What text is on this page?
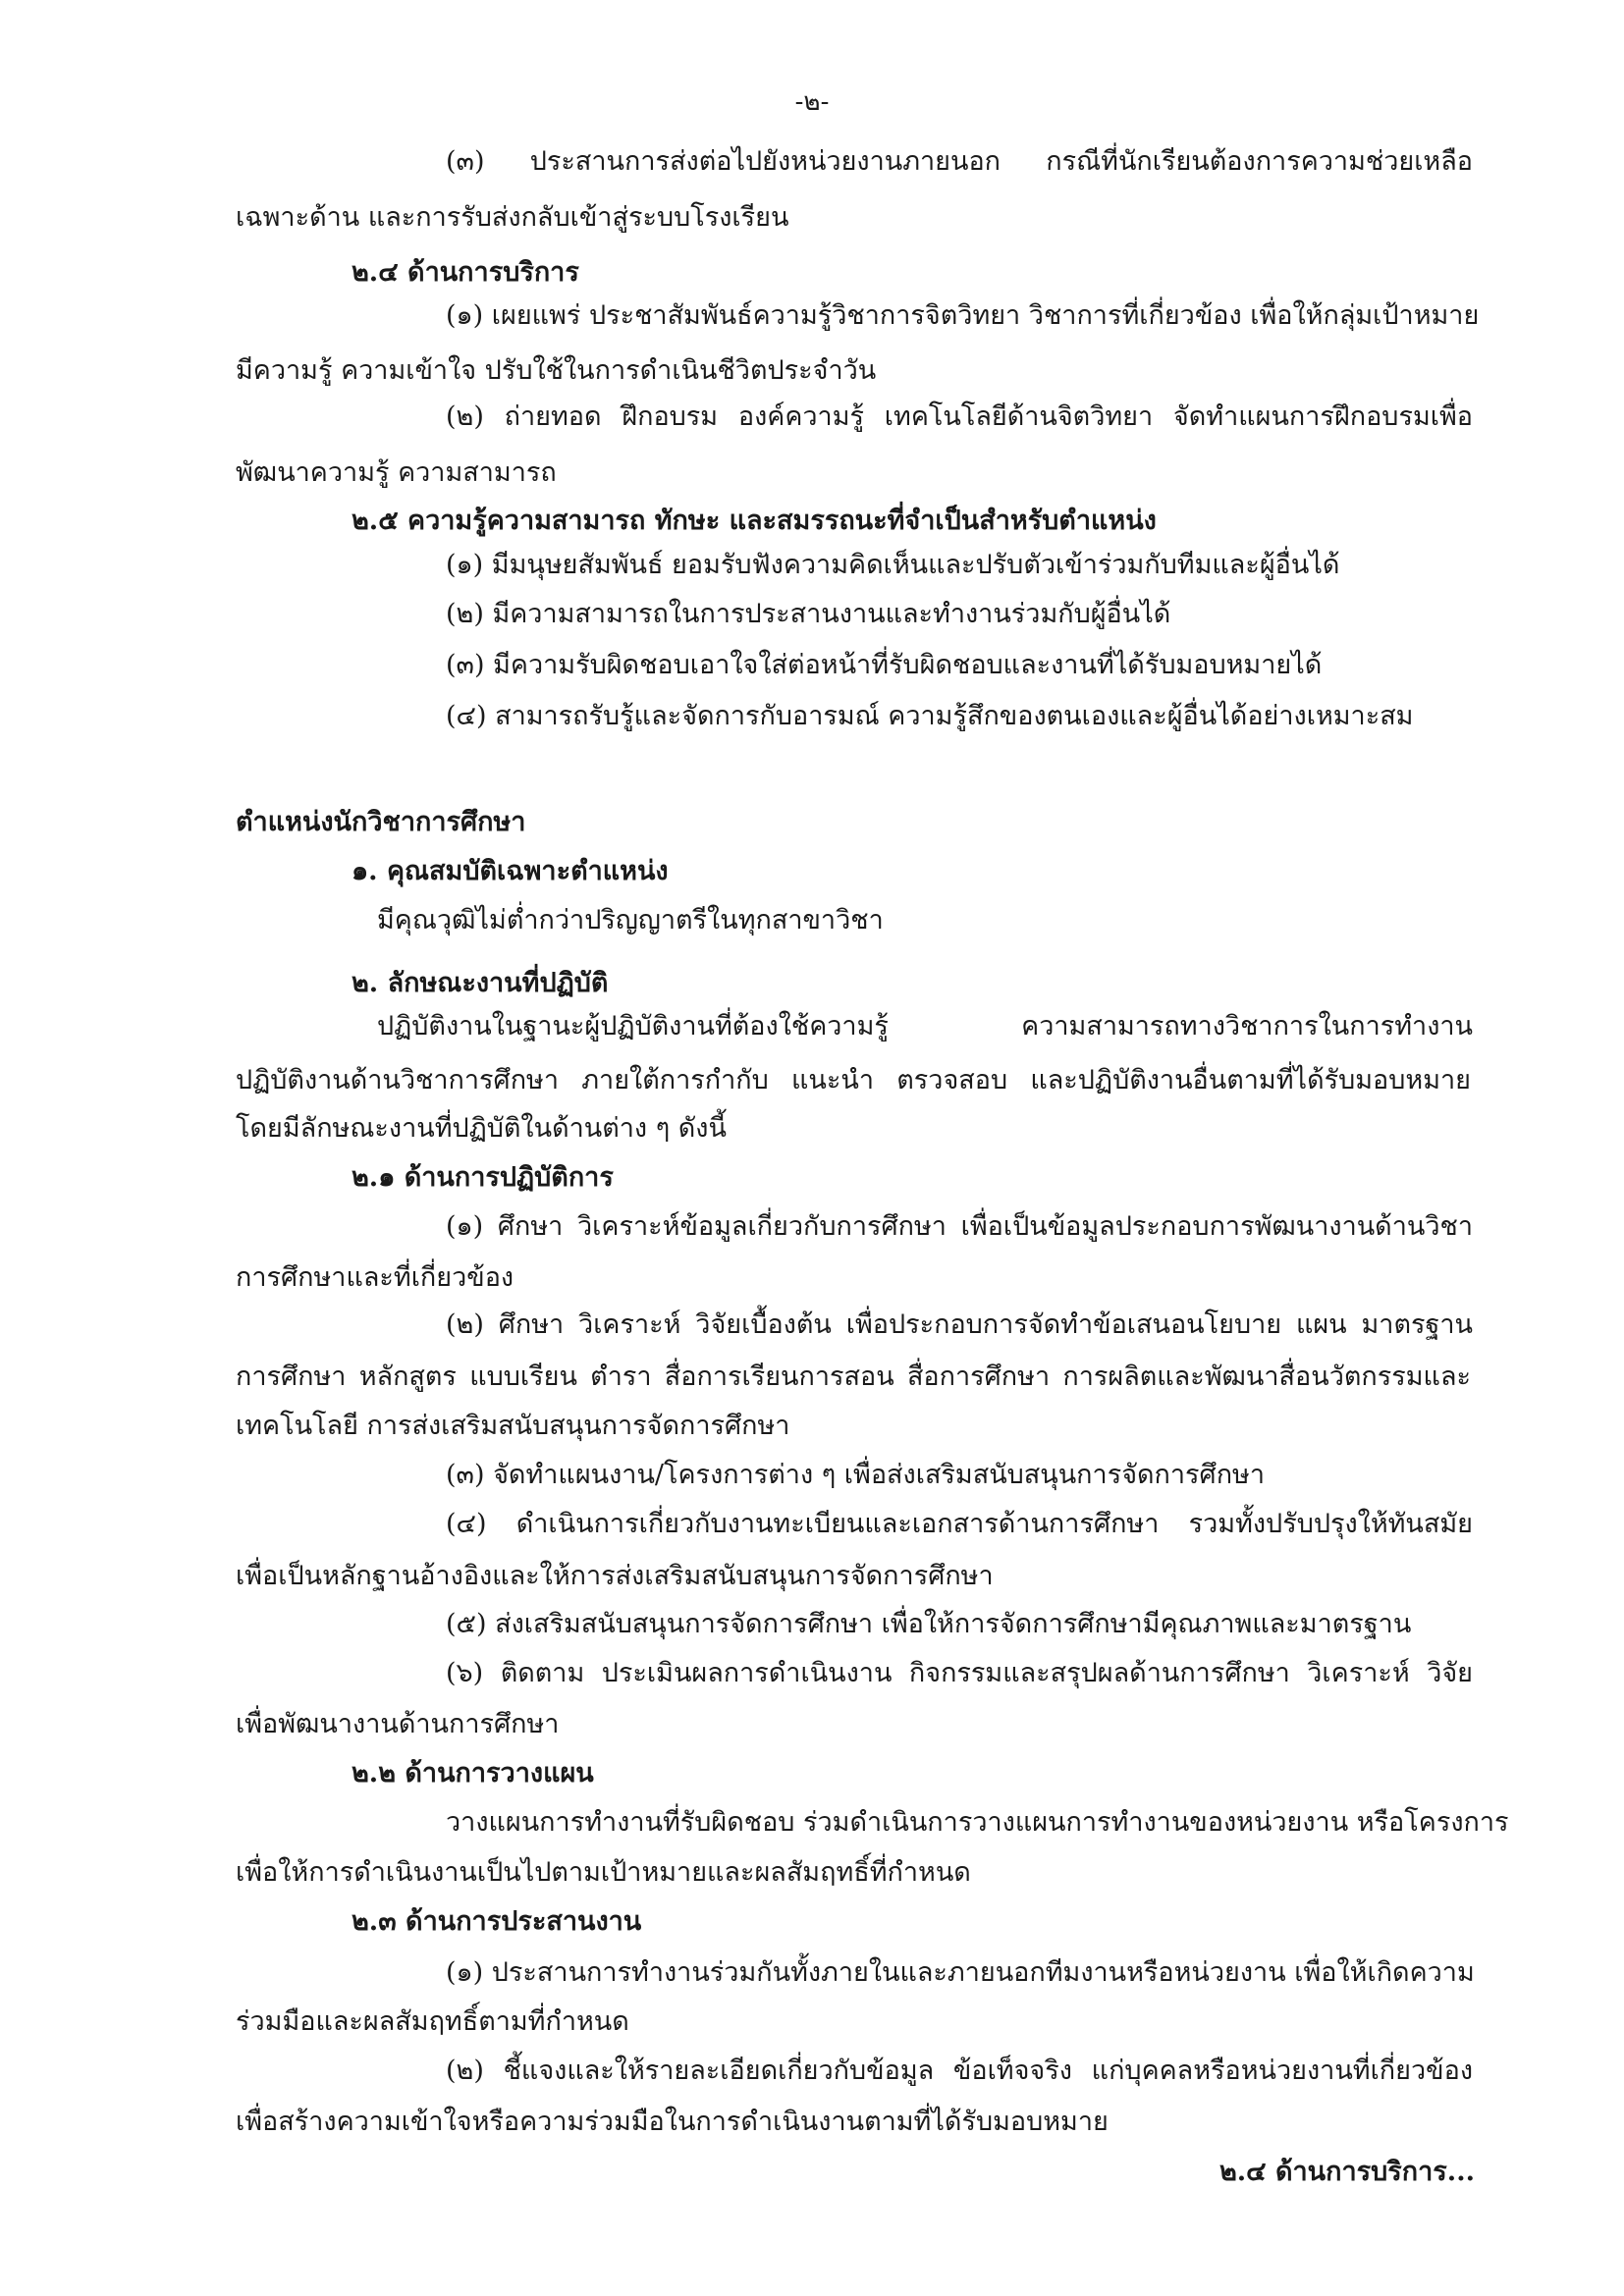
-๒-
(๓) ประสานการส่งต่อไปยังหน่วยงานภายนอก กรณีที่นักเรียนต้องการความช่วยเหลือ
เฉพาะด้าน และการรับส่งกลับเข้าสู่ระบบโรงเรียน
๒.๔ ด้านการบริการ
(๑) เผยแพร่ ประชาสัมพันธ์ความรู้วิชาการจิตวิทยา วิชาการที่เกี่ยวข้อง เพื่อให้กลุ่มเป้าหมาย
มีความรู้ ความเข้าใจ ปรับใช้ในการดำเนินชีวิตประจำวัน
(๒) ถ่ายทอด ฝึกอบรม องค์ความรู้ เทคโนโลยีด้านจิตวิทยา จัดทำแผนการฝึกอบรมเพื่อ
พัฒนาความรู้ ความสามารถ
๒.๕ ความรู้ความสามารถ ทักษะ และสมรรถนะที่จำเป็นสำหรับตำแหน่ง
(๑) มีมนุษยสัมพันธ์ ยอมรับฟังความคิดเห็นและปรับตัวเข้าร่วมกับทีมและผู้อื่นได้
(๒) มีความสามารถในการประสานงานและทำงานร่วมกับผู้อื่นได้
(๓) มีความรับผิดชอบเอาใจใส่ต่อหน้าที่รับผิดชอบและงานที่ได้รับมอบหมายได้
(๔) สามารถรับรู้และจัดการกับอารมณ์ ความรู้สึกของตนเองและผู้อื่นได้อย่างเหมาะสม
ตำแหน่งนักวิชาการศึกษา
๑. คุณสมบัติเฉพาะตำแหน่ง
มีคุณวุฒิไม่ต่ำกว่าปริญญาตรีในทุกสาขาวิชา
๒. ลักษณะงานที่ปฏิบัติ
ปฏิบัติงานในฐานะผู้ปฏิบัติงานที่ต้องใช้ความรู้ ความสามารถทางวิชาการในการทำงาน
ปฏิบัติงานด้านวิชาการศึกษา ภายใต้การกำกับ แนะนำ ตรวจสอบ และปฏิบัติงานอื่นตามที่ได้รับมอบหมาย
โดยมีลักษณะงานที่ปฏิบัติในด้านต่าง ๆ ดังนี้
๒.๑ ด้านการปฏิบัติการ
(๑) ศึกษา วิเคราะห์ข้อมูลเกี่ยวกับการศึกษา เพื่อเป็นข้อมูลประกอบการพัฒนางานด้านวิชา
การศึกษาและที่เกี่ยวข้อง
(๒) ศึกษา วิเคราะห์ วิจัยเบื้องต้น เพื่อประกอบการจัดทำข้อเสนอนโยบาย แผน มาตรฐาน
การศึกษา หลักสูตร แบบเรียน ตำรา สื่อการเรียนการสอน สื่อการศึกษา การผลิตและพัฒนาสื่อนวัตกรรมและ
เทคโนโลยี การส่งเสริมสนับสนุนการจัดการศึกษา
(๓) จัดทำแผนงาน/โครงการต่าง ๆ เพื่อส่งเสริมสนับสนุนการจัดการศึกษา
(๔) ดำเนินการเกี่ยวกับงานทะเบียนและเอกสารด้านการศึกษา รวมทั้งปรับปรุงให้ทันสมัย
เพื่อเป็นหลักฐานอ้างอิงและให้การส่งเสริมสนับสนุนการจัดการศึกษา
(๕) ส่งเสริมสนับสนุนการจัดการศึกษา เพื่อให้การจัดการศึกษามีคุณภาพและมาตรฐาน
(๖) ติดตาม ประเมินผลการดำเนินงาน กิจกรรมและสรุปผลด้านการศึกษา วิเคราะห์ วิจัย
เพื่อพัฒนางานด้านการศึกษา
๒.๒ ด้านการวางแผน
วางแผนการทำงานที่รับผิดชอบ ร่วมดำเนินการวางแผนการทำงานของหน่วยงาน หรือโครงการ
เพื่อให้การดำเนินงานเป็นไปตามเป้าหมายและผลสัมฤทธิ์ที่กำหนด
๒.๓ ด้านการประสานงาน
(๑) ประสานการทำงานร่วมกันทั้งภายในและภายนอกทีมงานหรือหน่วยงาน เพื่อให้เกิดความ
ร่วมมือและผลสัมฤทธิ์ตามที่กำหนด
(๒) ชี้แจงและให้รายละเอียดเกี่ยวกับข้อมูล ข้อเท็จจริง แก่บุคคลหรือหน่วยงานที่เกี่ยวข้อง
เพื่อสร้างความเข้าใจหรือความร่วมมือในการดำเนินงานตามที่ได้รับมอบหมาย
๒.๔ ด้านการบริการ...
